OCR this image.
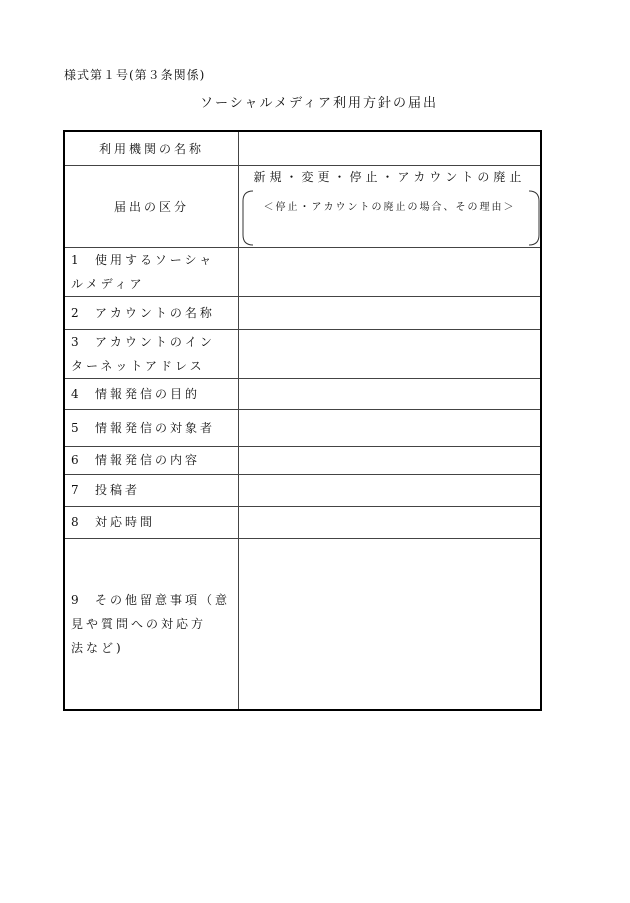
様式第１号(第３条関係)
ソーシャルメディア利用方針の届出
利用機関の名称	
届出の区分	新規・変更・停止・アカウントの廃止
＜停止・アカウントの廃止の場合、その理由＞

1 使用するソーシャ
ルメディア	
2 アカウントの名称	
3 アカウントのイン
ターネットアドレス	
4 情報発信の目的	
5 情報発信の対象者	
6 情報発信の内容	
7 投稿者	
8 対応時間	
9 その他留意事項（意
見や質問への対応方
法など)	
